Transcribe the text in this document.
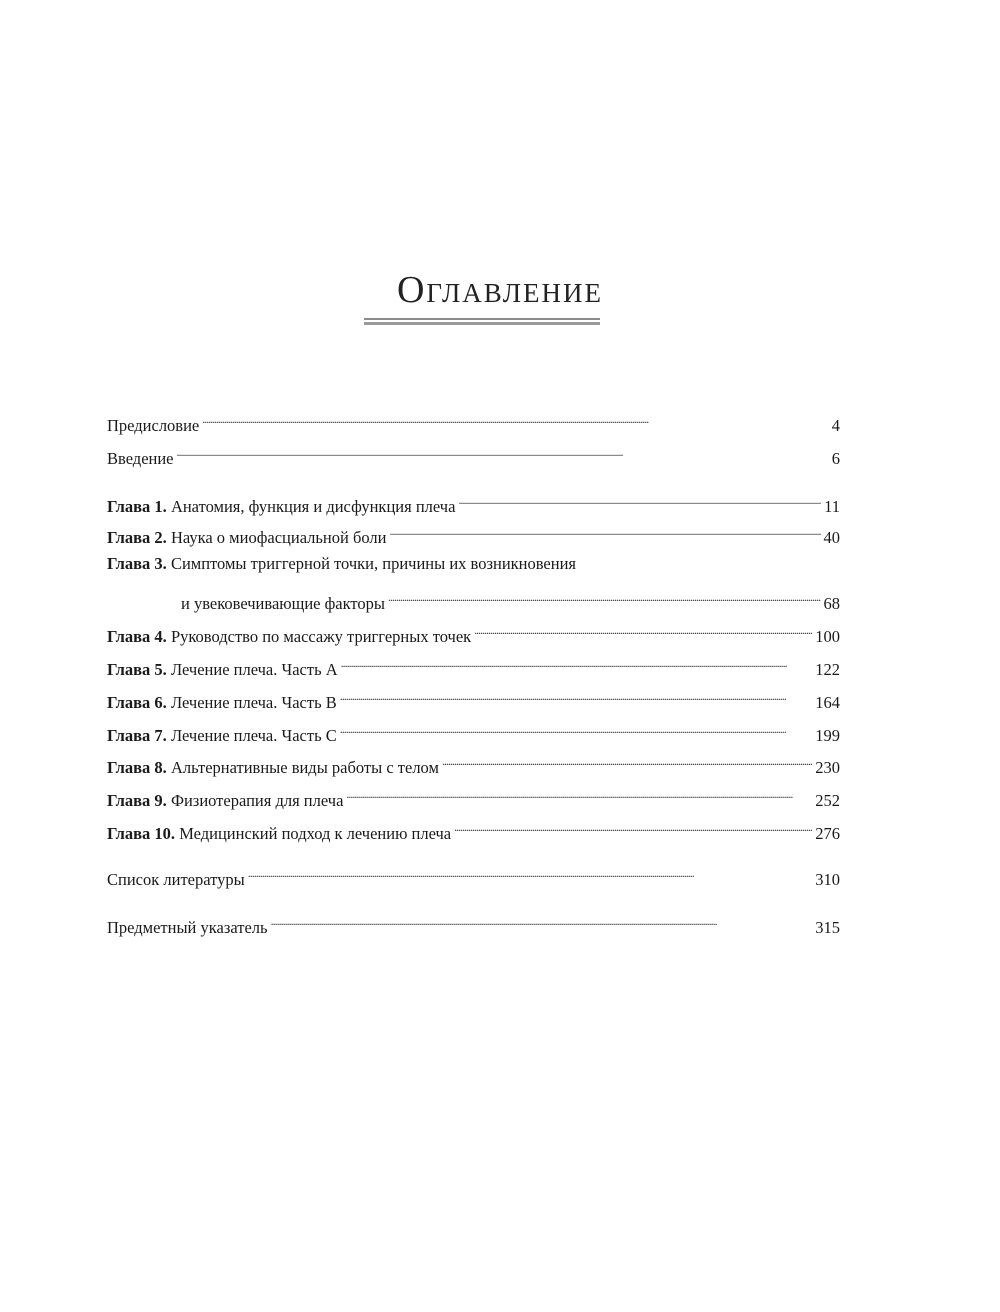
Оглавление
Предисловие . . .	4
Введение . . .	6
Глава 1. Анатомия, функция и дисфункция плеча . . .	11
Глава 2. Наука о миофасциальной боли . . .	40
Глава 3. Симптомы триггерной точки, причины их возникновения
и увековечивающие факторы . . .	68
Глава 4. Руководство по массажу триггерных точек . . .	100
Глава 5. Лечение плеча. Часть А . . .	122
Глава 6. Лечение плеча. Часть В . . .	164
Глава 7. Лечение плеча. Часть С . . .	199
Глава 8. Альтернативные виды работы с телом . . .	230
Глава 9. Физиотерапия для плеча . . .	252
Глава 10. Медицинский подход к лечению плеча . . .	276
Список литературы . . .	310
Предметный указатель . . .	315
